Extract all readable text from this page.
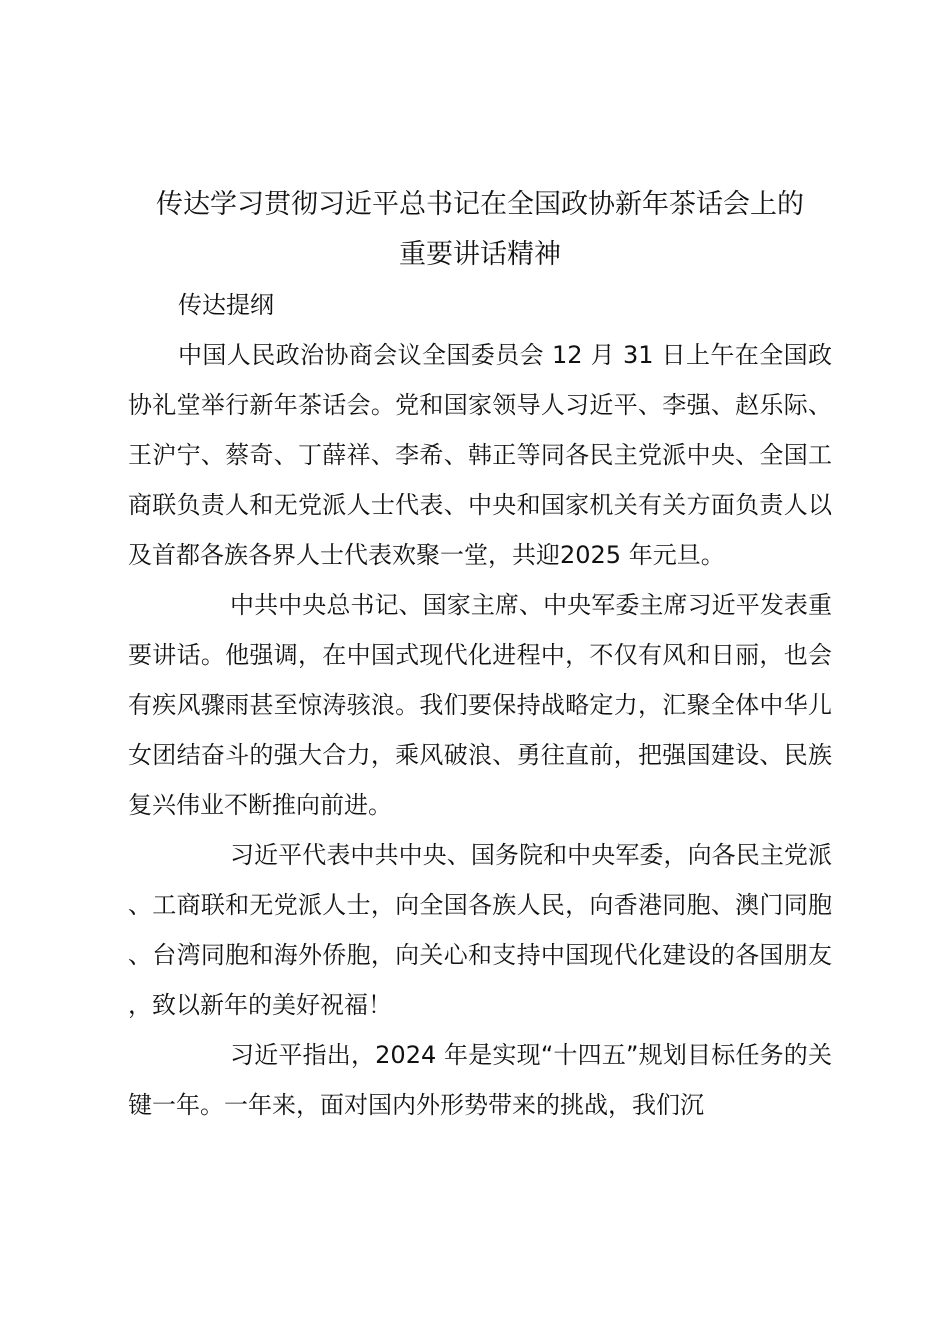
传达学习贯彻习近平总书记在全国政协新年茶话会上的
重要讲话精神

传达提纲

中国人民政治协商会议全国委员会 12 月 31 日上午在全国政协礼堂举行新年茶话会。党和国家领导人习近平、李强、赵乐际、王沪宁、蔡奇、丁薛祥、李希、韩正等同各民主党派中央、全国工商联负责人和无党派人士代表、中央和国家机关有关方面负责人以及首都各族各界人士代表欢聚一堂，共迎2025 年元旦。

中共中央总书记、国家主席、中央军委主席习近平发表重要讲话。他强调，在中国式现代化进程中，不仅有风和日丽，也会有疾风骤雨甚至惊涛骇浪。我们要保持战略定力，汇聚全体中华儿女团结奋斗的强大合力，乘风破浪、勇往直前，把强国建设、民族复兴伟业不断推向前进。

习近平代表中共中央、国务院和中央军委，向各民主党派、工商联和无党派人士，向全国各族人民，向香港同胞、澳门同胞、台湾同胞和海外侨胞，向关心和支持中国现代化建设的各国朋友，致以新年的美好祝福！

习近平指出，2024 年是实现“十四五”规划目标任务的关键一年。一年来，面对国内外形势带来的挑战，我们沉
